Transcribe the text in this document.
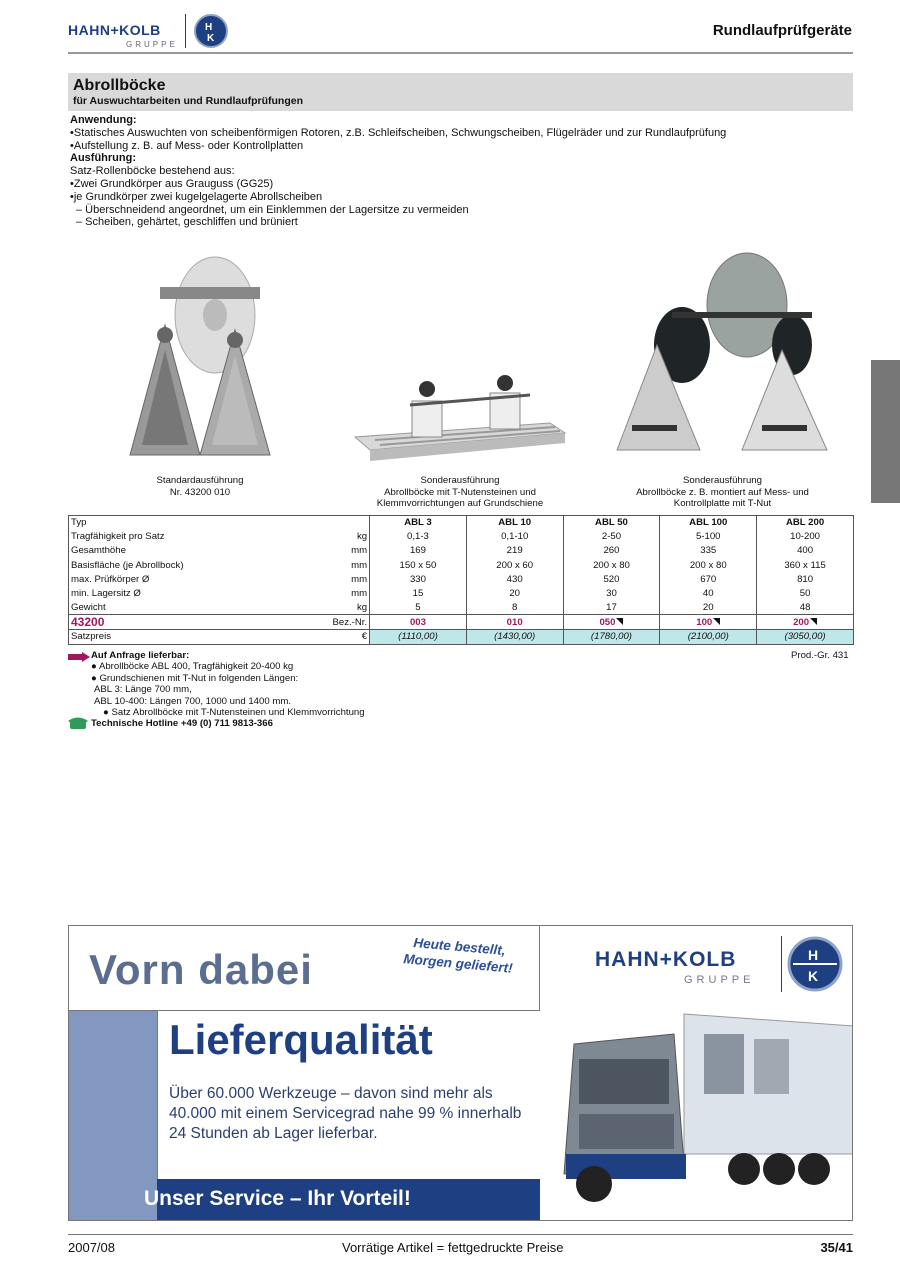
HAHN+KOLB
GRUPPE
H
K	Rundlaufprüfgeräte
Abrollböcke
für Auswuchtarbeiten und Rundlaufprüfungen
Anwendung:
•Statisches Auswuchten von scheibenförmigen Rotoren, z.B. Schleifscheiben, Schwungscheiben, Flügelräder und zur Rundlaufprüfung
•Aufstellung z. B. auf Mess- oder Kontrollplatten
Ausführung:
Satz-Rollenböcke bestehend aus:
•Zwei Grundkörper aus Grauguss (GG25)
•je Grundkörper zwei kugelgelagerte Abrollscheiben
– Überschneidend angeordnet, um ein Einklemmen der Lagersitze zu vermeiden
– Scheiben, gehärtet, geschliffen und brüniert
Standardausführung
Nr. 43200 010
Sonderausführung
Abrollböcke mit T-Nutensteinen und
Klemmvorrichtungen auf Grundschiene
Sonderausführung
Abrollböcke z. B. montiert auf Mess- und
Kontrollplatte mit T-Nut
Typ		ABL 3	ABL 10	ABL 50	ABL 100	ABL 200
Tragfähigkeit pro Satz	kg	0,1-3	0,1-10	2-50	5-100	10-200
Gesamthöhe	mm	169	219	260	335	400
Basisfläche (je Abrollbock)	mm	150 x 50	200 x 60	200 x 80	200 x 80	360 x 115
max. Prüfkörper Ø	mm	330	430	520	670	810
min. Lagersitz Ø	mm	15	20	30	40	50
Gewicht	kg	5	8	17	20	48
43200	Bez.-Nr.	003	010	050	100	200
Satzpreis	€	(1110,00)	(1430,00)	(1780,00)	(2100,00)	(3050,00)
Auf Anfrage lieferbar:	Prod.-Gr. 431
● Abrollböcke ABL 400, Tragfähigkeit 20-400 kg
● Grundschienen mit T-Nut in folgenden Längen:
ABL 3: Länge 700 mm,
ABL 10-400: Längen 700, 1000 und 1400 mm.
● Satz Abrollböcke mit T-Nutensteinen und Klemmvorrichtung
Technische Hotline +49 (0) 711 9813-366
Vorn dabei	Heute bestellt,
Morgen geliefert!
Lieferqualität
Über 60.000 Werkzeuge – davon sind mehr als
40.000 mit einem Servicegrad nahe 99 % innerhalb
24 Stunden ab Lager lieferbar.
Unser Service – Ihr Vorteil!
HAHN+KOLB
GRUPPE
H
K
2007/08	Vorrätige Artikel = fettgedruckte Preise	35/41
